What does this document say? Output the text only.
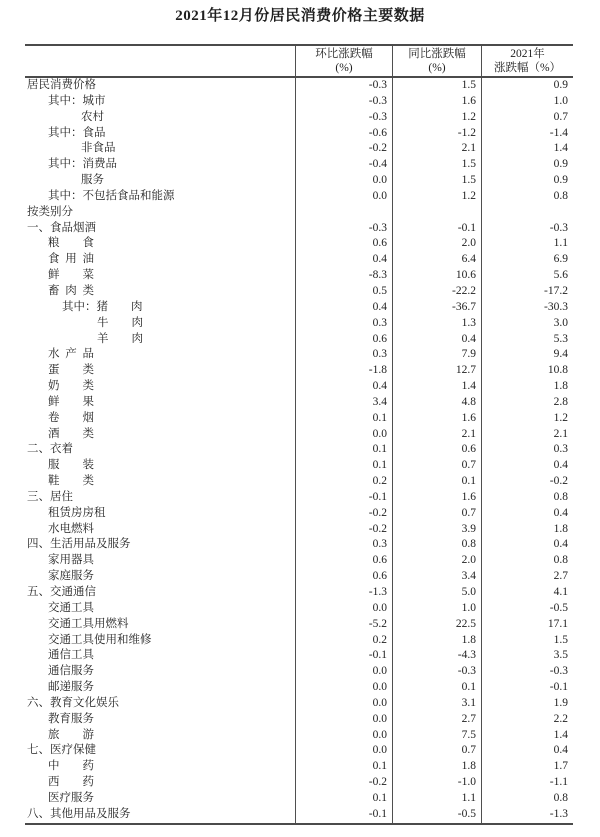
2021年12月份居民消费价格主要数据
环比涨跌幅
(%)
同比涨跌幅
(%)
2021年
涨跌幅（%）
居民消费价格	-0.3	1.5	0.9
其中：城市	-0.3	1.6	1.0
农村	-0.3	1.2	0.7
其中：食品	-0.6	-1.2	-1.4
非食品	-0.2	2.1	1.4
其中：消费品	-0.4	1.5	0.9
服务	0.0	1.5	0.9
其中：不包括食品和能源	0.0	1.2	0.8
按类别分
一、食品烟酒	-0.3	-0.1	-0.3
粮　　食	0.6	2.0	1.1
食  用  油	0.4	6.4	6.9
鲜　　菜	-8.3	10.6	5.6
畜  肉  类	0.5	-22.2	-17.2
其中：猪　　肉	0.4	-36.7	-30.3
牛　　肉	0.3	1.3	3.0
羊　　肉	0.6	0.4	5.3
水  产  品	0.3	7.9	9.4
蛋　　类	-1.8	12.7	10.8
奶　　类	0.4	1.4	1.8
鲜　　果	3.4	4.8	2.8
卷　　烟	0.1	1.6	1.2
酒　　类	0.0	2.1	2.1
二、衣着	0.1	0.6	0.3
服　　装	0.1	0.7	0.4
鞋　　类	0.2	0.1	-0.2
三、居住	-0.1	1.6	0.8
租赁房房租	-0.2	0.7	0.4
水电燃料	-0.2	3.9	1.8
四、生活用品及服务	0.3	0.8	0.4
家用器具	0.6	2.0	0.8
家庭服务	0.6	3.4	2.7
五、交通通信	-1.3	5.0	4.1
交通工具	0.0	1.0	-0.5
交通工具用燃料	-5.2	22.5	17.1
交通工具使用和维修	0.2	1.8	1.5
通信工具	-0.1	-4.3	3.5
通信服务	0.0	-0.3	-0.3
邮递服务	0.0	0.1	-0.1
六、教育文化娱乐	0.0	3.1	1.9
教育服务	0.0	2.7	2.2
旅　　游	0.0	7.5	1.4
七、医疗保健	0.0	0.7	0.4
中　　药	0.1	1.8	1.7
西　　药	-0.2	-1.0	-1.1
医疗服务	0.1	1.1	0.8
八、其他用品及服务	-0.1	-0.5	-1.3
